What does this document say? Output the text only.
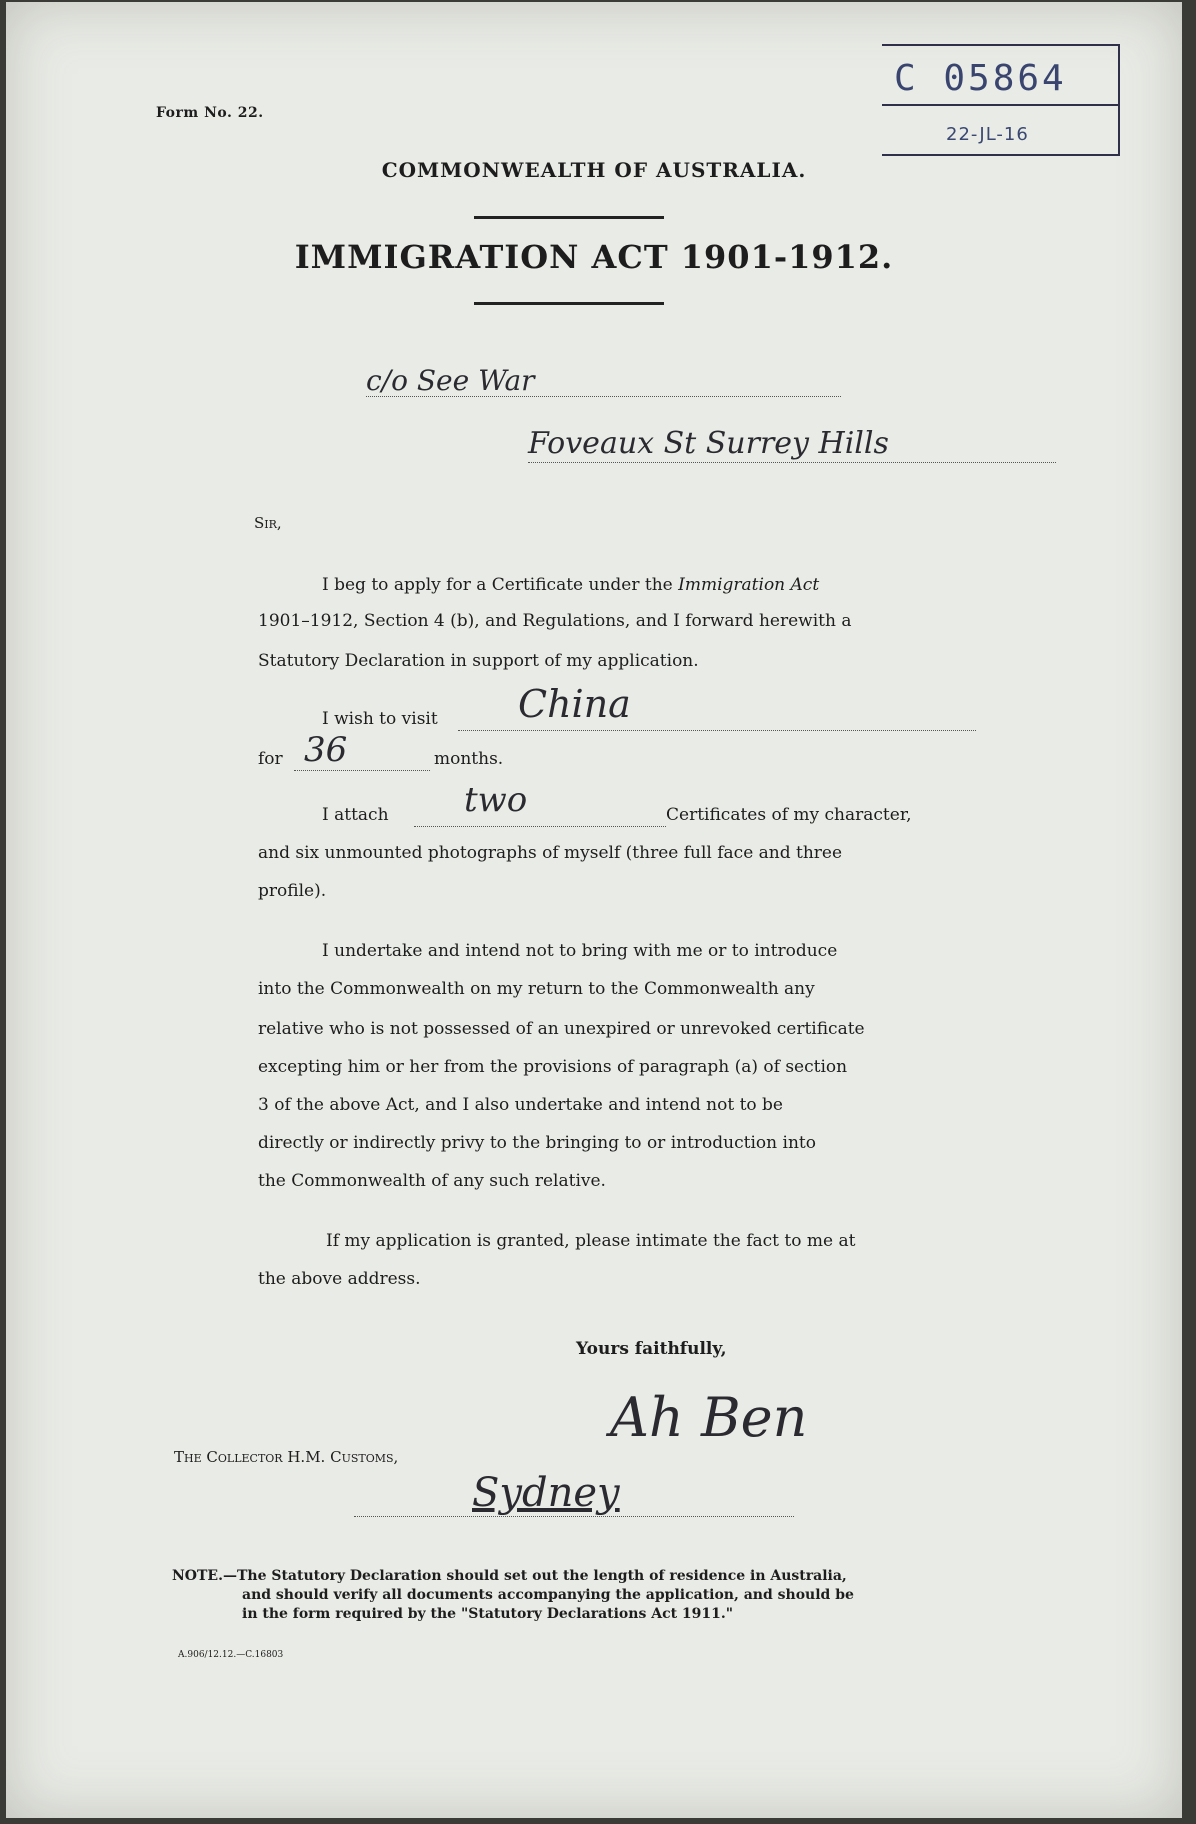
Form No. 22.
C 05864
22-JL-16
COMMONWEALTH OF AUSTRALIA.
IMMIGRATION ACT 1901-1912.
c/o See War
Foveaux St Surrey Hills
Sir,
I beg to apply for a Certificate under the Immigration Act
1901–1912, Section 4 (b), and Regulations, and I forward herewith a
Statutory Declaration in support of my application.
I wish to visit China
for 36	months.
I attach two	Certificates of my character,
and six unmounted photographs of myself (three full face and three
profile).
I undertake and intend not to bring with me or to introduce
into the Commonwealth on my return to the Commonwealth any
relative who is not possessed of an unexpired or unrevoked certificate
excepting him or her from the provisions of paragraph (a) of section
3 of the above Act, and I also undertake and intend not to be
directly or indirectly privy to the bringing to or introduction into
the Commonwealth of any such relative.
If my application is granted, please intimate the fact to me at
the above address.
Yours faithfully,
Ah Ben
The Collector H.M. Customs,
Sydney
NOTE.—The Statutory Declaration should set out the length of residence in Australia,
and should verify all documents accompanying the application, and should be
in the form required by the "Statutory Declarations Act 1911."
A.906/12.12.—C.16803
